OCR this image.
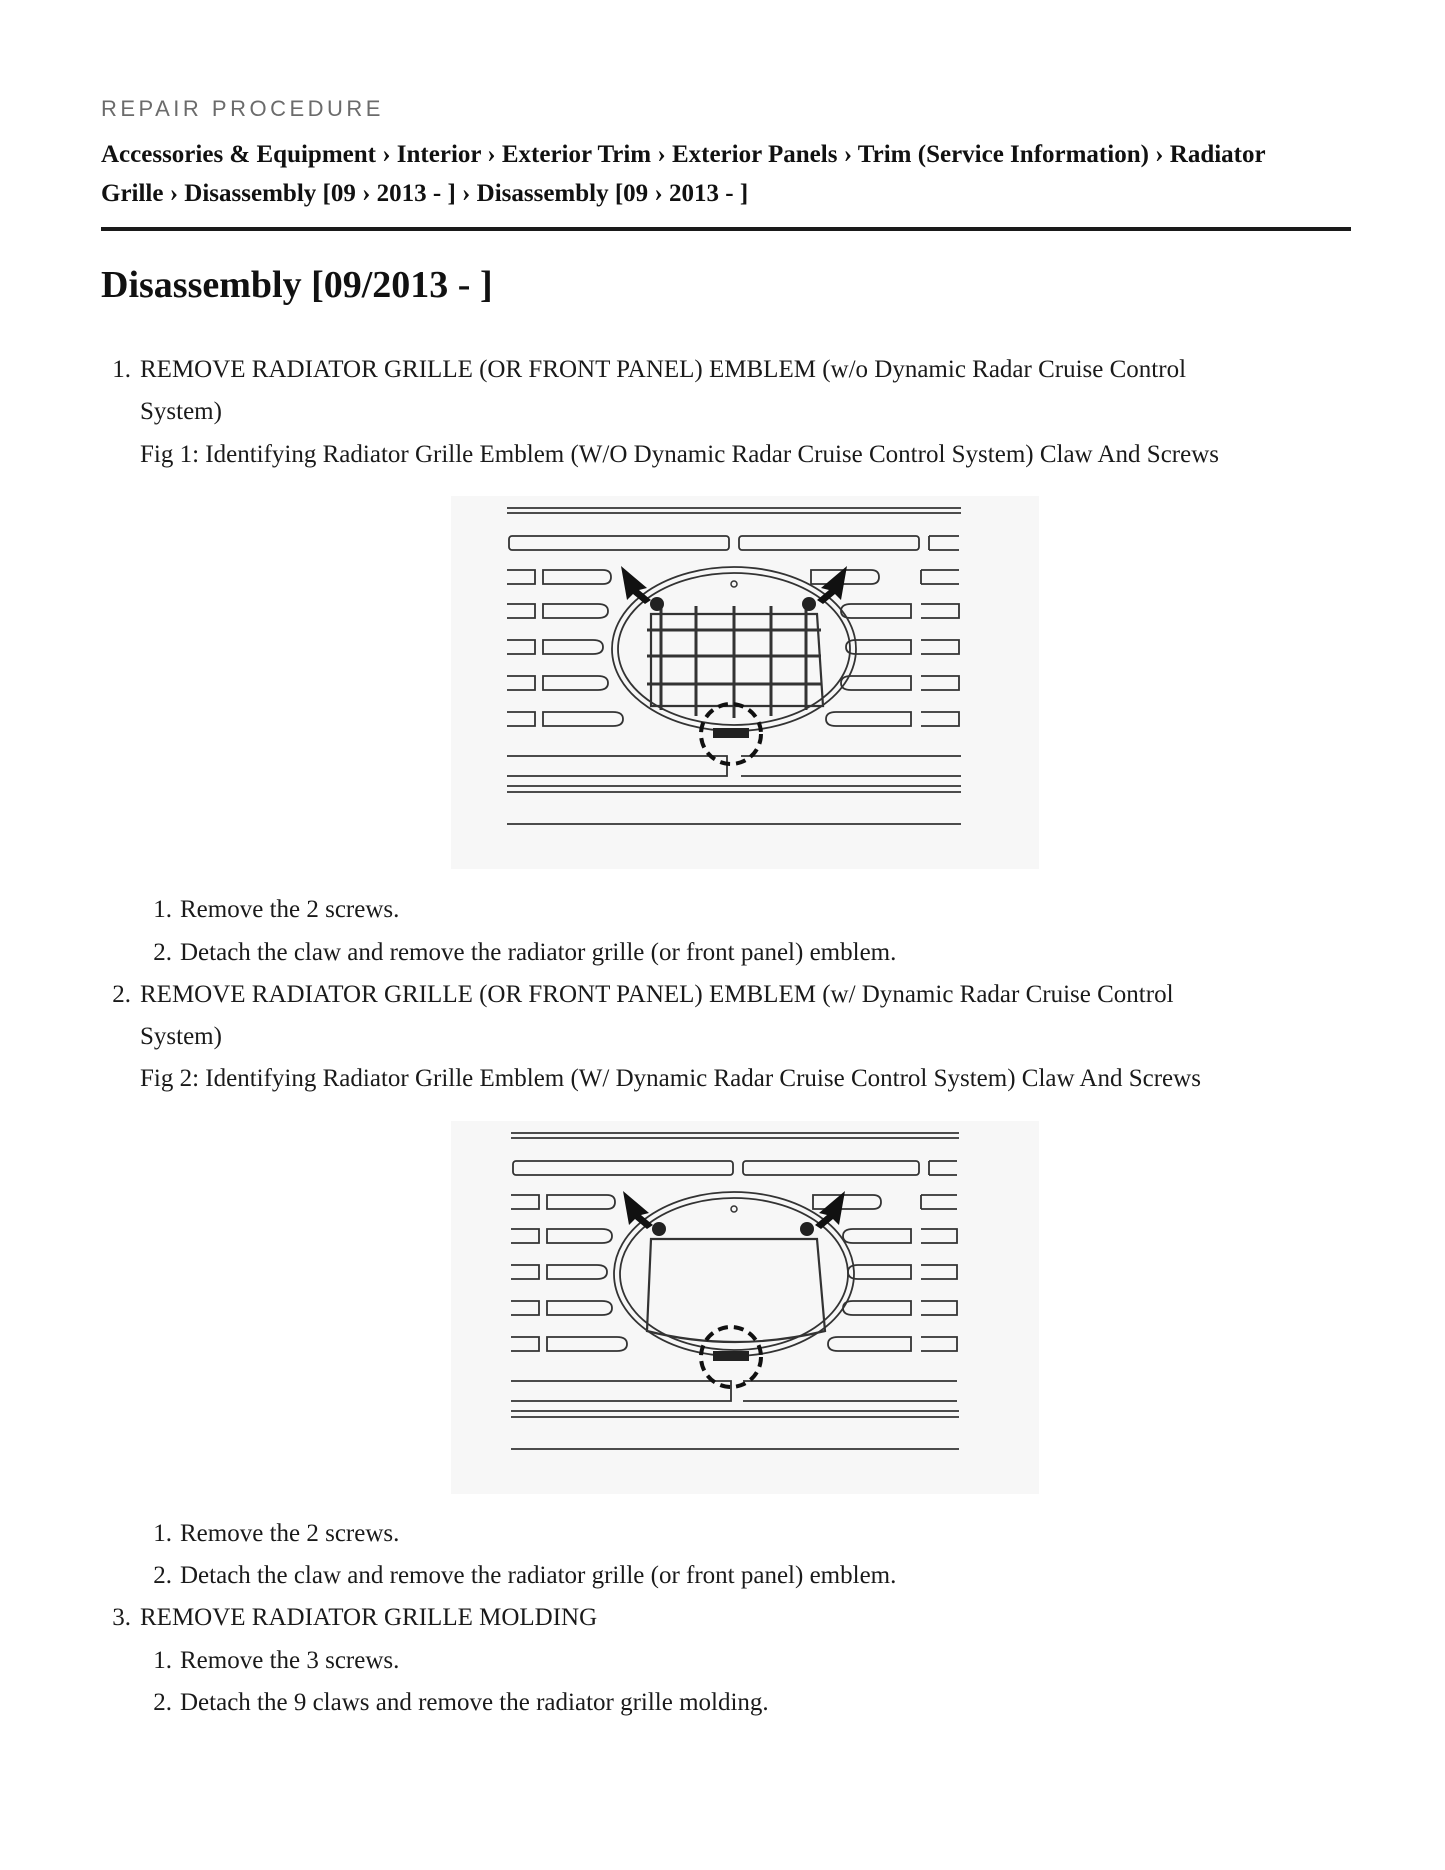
REPAIR PROCEDURE
Accessories & Equipment › Interior › Exterior Trim › Exterior Panels › Trim (Service Information) › Radiator
Grille › Disassembly [09 › 2013 - ] › Disassembly [09 › 2013 - ]
Disassembly [09/2013 - ]
1. REMOVE RADIATOR GRILLE (OR FRONT PANEL) EMBLEM (w/o Dynamic Radar Cruise Control
System)
Fig 1: Identifying Radiator Grille Emblem (W/O Dynamic Radar Cruise Control System) Claw And Screws
1. Remove the 2 screws.
2. Detach the claw and remove the radiator grille (or front panel) emblem.
2. REMOVE RADIATOR GRILLE (OR FRONT PANEL) EMBLEM (w/ Dynamic Radar Cruise Control
System)
Fig 2: Identifying Radiator Grille Emblem (W/ Dynamic Radar Cruise Control System) Claw And Screws
1. Remove the 2 screws.
2. Detach the claw and remove the radiator grille (or front panel) emblem.
3. REMOVE RADIATOR GRILLE MOLDING
1. Remove the 3 screws.
2. Detach the 9 claws and remove the radiator grille molding.
